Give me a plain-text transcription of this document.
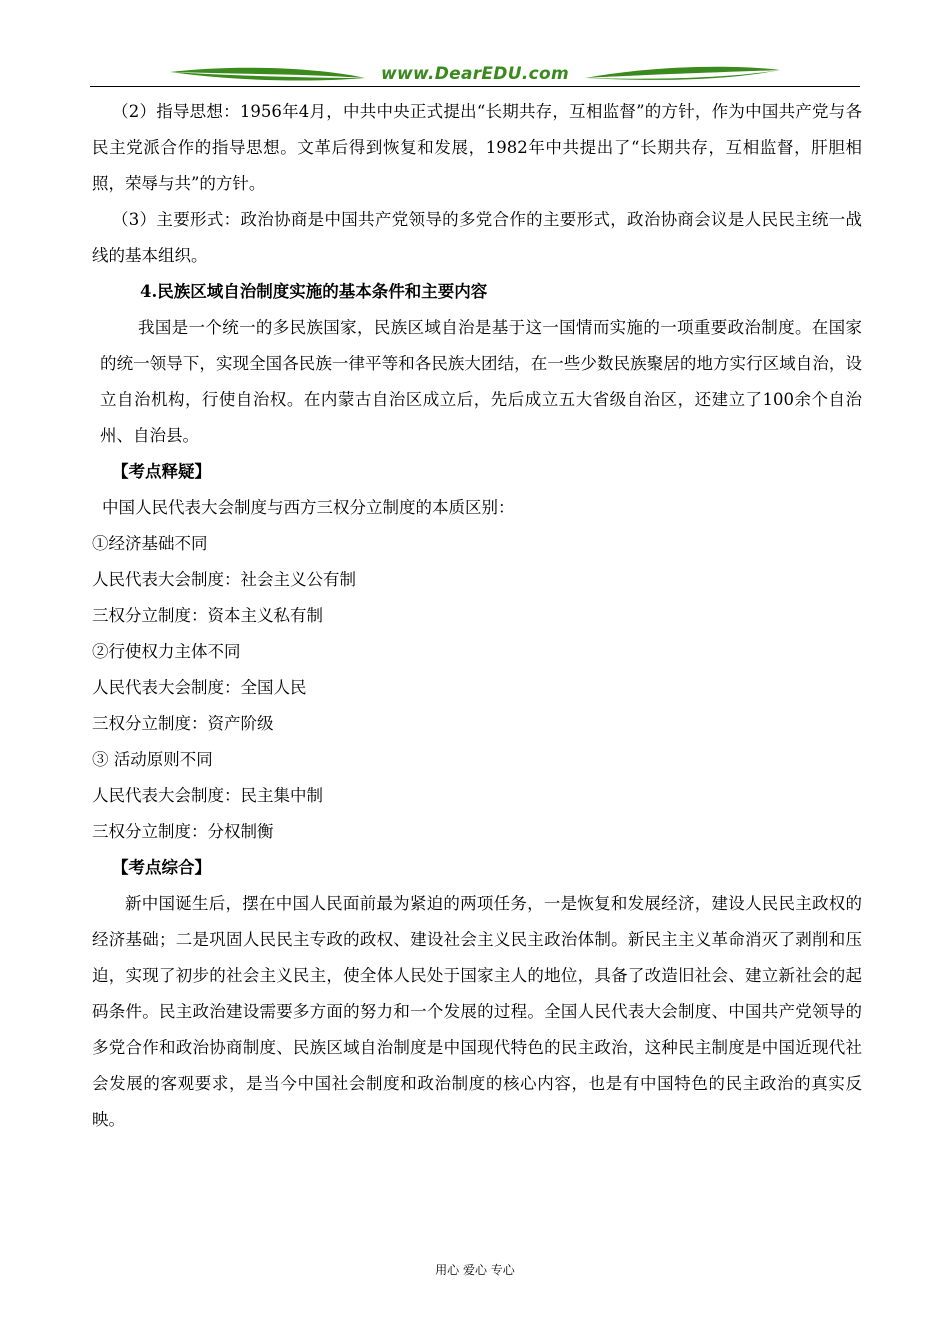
www.DearEDU.com

（2）指导思想：1956年4月，中共中央正式提出“长期共存，互相监督”的方针，作为中国共产党与各民主党派合作的指导思想。文革后得到恢复和发展，1982年中共提出了“长期共存，互相监督，肝胆相照，荣辱与共”的方针。

（3）主要形式：政治协商是中国共产党领导的多党合作的主要形式，政治协商会议是人民民主统一战线的基本组织。

4.民族区域自治制度实施的基本条件和主要内容

我国是一个统一的多民族国家，民族区域自治是基于这一国情而实施的一项重要政治制度。在国家的统一领导下，实现全国各民族一律平等和各民族大团结，在一些少数民族聚居的地方实行区域自治，设立自治机构，行使自治权。在内蒙古自治区成立后，先后成立五大省级自治区，还建立了100余个自治州、自治县。

【考点释疑】

中国人民代表大会制度与西方三权分立制度的本质区别：

①经济基础不同

人民代表大会制度：社会主义公有制

三权分立制度：资本主义私有制

②行使权力主体不同

人民代表大会制度：全国人民

三权分立制度：资产阶级

③ 活动原则不同

人民代表大会制度：民主集中制

三权分立制度：分权制衡

【考点综合】

新中国诞生后，摆在中国人民面前最为紧迫的两项任务，一是恢复和发展经济，建设人民民主政权的经济基础；二是巩固人民民主专政的政权、建设社会主义民主政治体制。新民主主义革命消灭了剥削和压迫，实现了初步的社会主义民主，使全体人民处于国家主人的地位，具备了改造旧社会、建立新社会的起码条件。民主政治建设需要多方面的努力和一个发展的过程。全国人民代表大会制度、中国共产党领导的多党合作和政治协商制度、民族区域自治制度是中国现代特色的民主政治，这种民主制度是中国近现代社会发展的客观要求，是当今中国社会制度和政治制度的核心内容，也是有中国特色的民主政治的真实反映。

用心 爱心 专心
